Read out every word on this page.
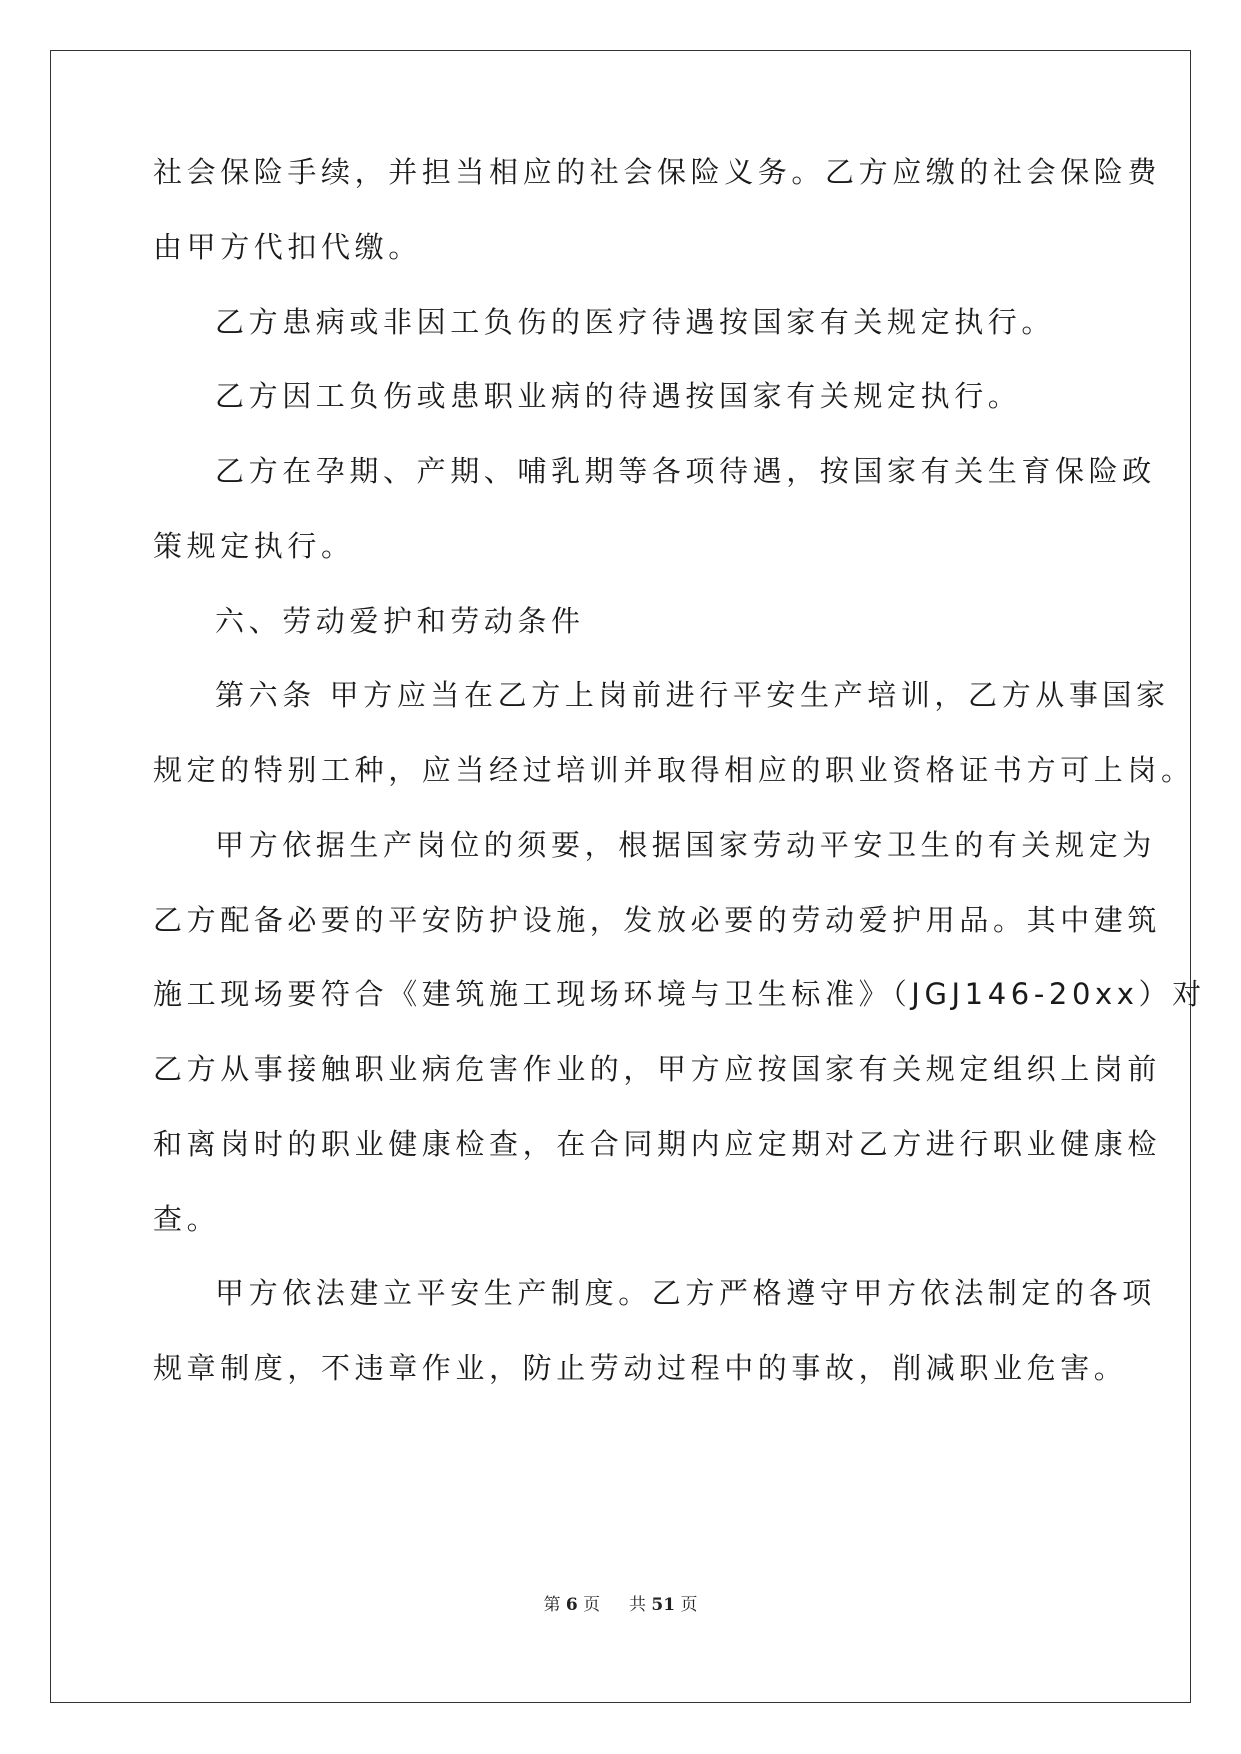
社会保险手续，并担当相应的社会保险义务。乙方应缴的社会保险费

由甲方代扣代缴。

乙方患病或非因工负伤的医疗待遇按国家有关规定执行。

乙方因工负伤或患职业病的待遇按国家有关规定执行。

乙方在孕期、产期、哺乳期等各项待遇，按国家有关生育保险政

策规定执行。

六、劳动爱护和劳动条件

第六条 甲方应当在乙方上岗前进行平安生产培训，乙方从事国家

规定的特别工种，应当经过培训并取得相应的职业资格证书方可上岗。

甲方依据生产岗位的须要，根据国家劳动平安卫生的有关规定为

乙方配备必要的平安防护设施，发放必要的劳动爱护用品。其中建筑

施工现场要符合《建筑施工现场环境与卫生标准》（JGJ146-20xx）对

乙方从事接触职业病危害作业的，甲方应按国家有关规定组织上岗前

和离岗时的职业健康检查，在合同期内应定期对乙方进行职业健康检

查。

甲方依法建立平安生产制度。乙方严格遵守甲方依法制定的各项

规章制度，不违章作业，防止劳动过程中的事故，削减职业危害。

第 6 页 共 51 页
